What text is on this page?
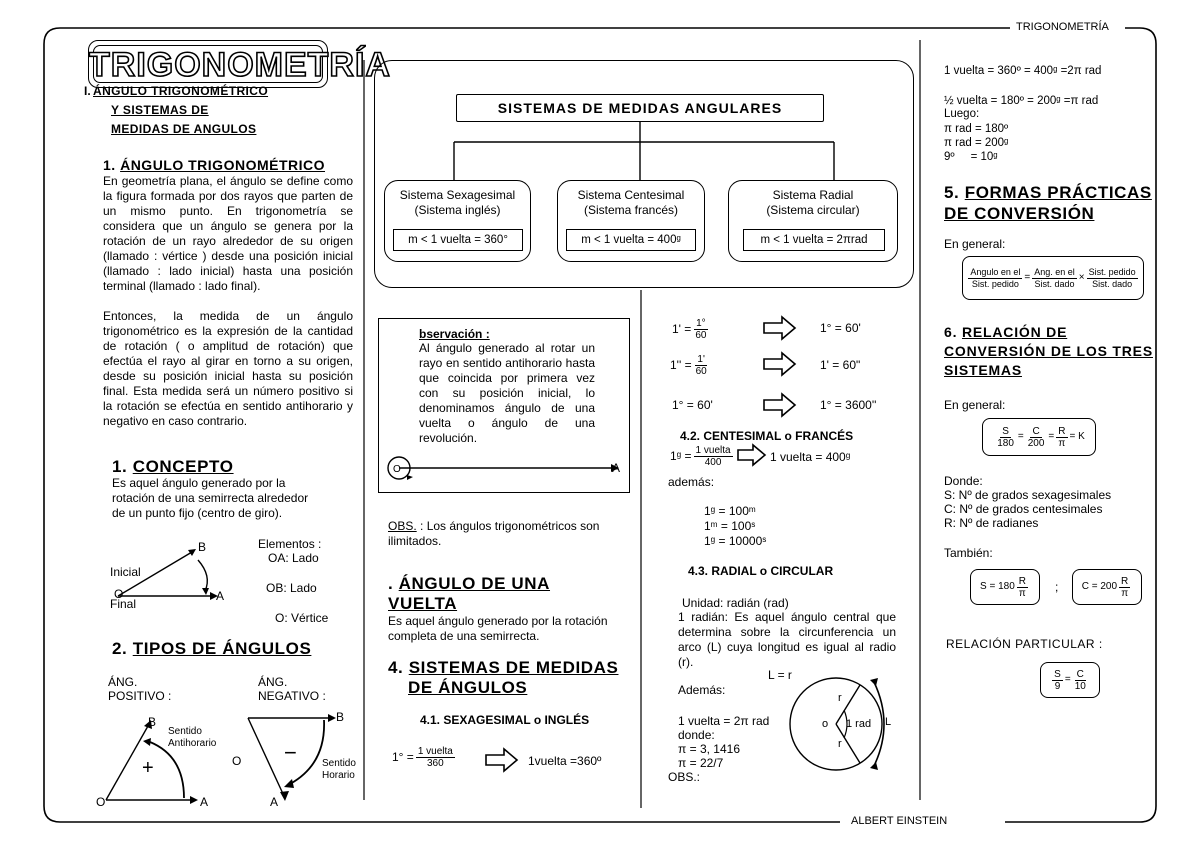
TRIGONOMETRÍA
ALBERT EINSTEIN
TRIGONOMETRÍA
I. ÁNGULO TRIGONOMÉTRICO
Y SISTEMAS DE
MEDIDAS DE ANGULOS
1. ÁNGULO TRIGONOMÉTRICO
En geometría plana, el ángulo se define como la figura formada por dos rayos que parten de un mismo punto. En trigonometría se considera que un ángulo se genera por la rotación de un rayo alrededor de su origen (llamado : vértice ) desde una posición inicial (llamado : lado inicial) hasta una posición terminal (llamado : lado final).
Entonces, la medida de un ángulo trigonométrico es la expresión de la cantidad de rotación ( o amplitud de rotación) que efectúa el rayo al girar en torno a su origen, desde su posición inicial hasta su posición final. Esta medida será un número positivo si la rotación se efectúa en sentido antihorario y negativo en caso contrario.
1. CONCEPTO
Es aquel ángulo generado por la rotación de una semirrecta alrededor de un punto fijo (centro de giro).
Inicial
Final
O	A
B	Elementos :
OA: Lado
OB: Lado
O: Vértice
2. TIPOS DE ÁNGULOS
ÁNG.
POSITIVO :
ÁNG.
NEGATIVO :
+
Sentido
Antihorario
O	A
B
−	Sentido
Horario
O
B
A
SISTEMAS DE MEDIDAS ANGULARES
Sistema Sexagesimal
(Sistema inglés)
m < 1 vuelta = 360°
Sistema Centesimal
(Sistema francés)
m < 1 vuelta = 400ᵍ
Sistema Radial
(Sistema circular)
m < 1 vuelta = 2πrad
bservación :
Al ángulo generado al rotar un rayo en sentido antihorario hasta que coincida por primera vez con su posición inicial, lo denominamos ángulo de una vuelta o ángulo de una revolución.
O	A
OBS. : Los ángulos trigonométricos son ilimitados.
. ÁNGULO DE UNA
VUELTA
Es aquel ángulo generado por la rotación completa de una semirrecta.
4. SISTEMAS DE MEDIDAS
DE ÁNGULOS
4.1. SEXAGESIMAL o INGLÉS
$1^\circ = \frac{\text{1 vuelta}}{360}$	1vuelta =360º
$1' = \frac{1^\circ}{60}$	1° = 60'
$1'' = \frac{1'}{60}$	1' = 60"
1° = 60'	1° = 3600''
4.2. CENTESIMAL o FRANCÉS
1ᵍ = $\frac{\text{1 vuelta}}{400}$	1 vuelta = 400ᵍ
además:
1ᵍ = 100ᵐ
1ᵐ = 100ˢ
1ᵍ = 10000ˢ
4.3. RADIAL o CIRCULAR
Unidad: radián (rad)
1 radián: Es aquel ángulo central que determina sobre la circunferencia un arco (L) cuya longitud es igual al radio (r).
L = r
Además:
1 vuelta = 2π rad
donde:
π = 3, 1416
π = 22/7
OBS.:
o 1 rad
r
r
L
1 vuelta = 360º = 400ᵍ =2π rad
½ vuelta = 180º = 200ᵍ =π rad
Luego:
π rad = 180º
π rad = 200ᵍ
9º     = 10ᵍ
5. FORMAS PRÁCTICAS
DE CONVERSIÓN
En general:
$\frac{\text{Angulo en el}}{\text{Sist. pedido}} = \frac{\text{Ang. en el}}{\text{Sist. dado}} \times \frac{\text{Sist. pedido}}{\text{Sist. dado}}$
6. RELACIÓN DE
CONVERSIÓN DE LOS TRES
SISTEMAS
En general:
$\frac{S}{180} = \frac{C}{200} = \frac{R}{\pi} = K$
Donde:
S: Nº de grados sexagesimales
C: Nº de grados centesimales
R: Nº de radianes
También:
$S = 180 \frac{R}{\pi}$ ; $C = 200 \frac{R}{\pi}$
RELACIÓN PARTICULAR :
$\frac{S}{9} = \frac{C}{10}$
